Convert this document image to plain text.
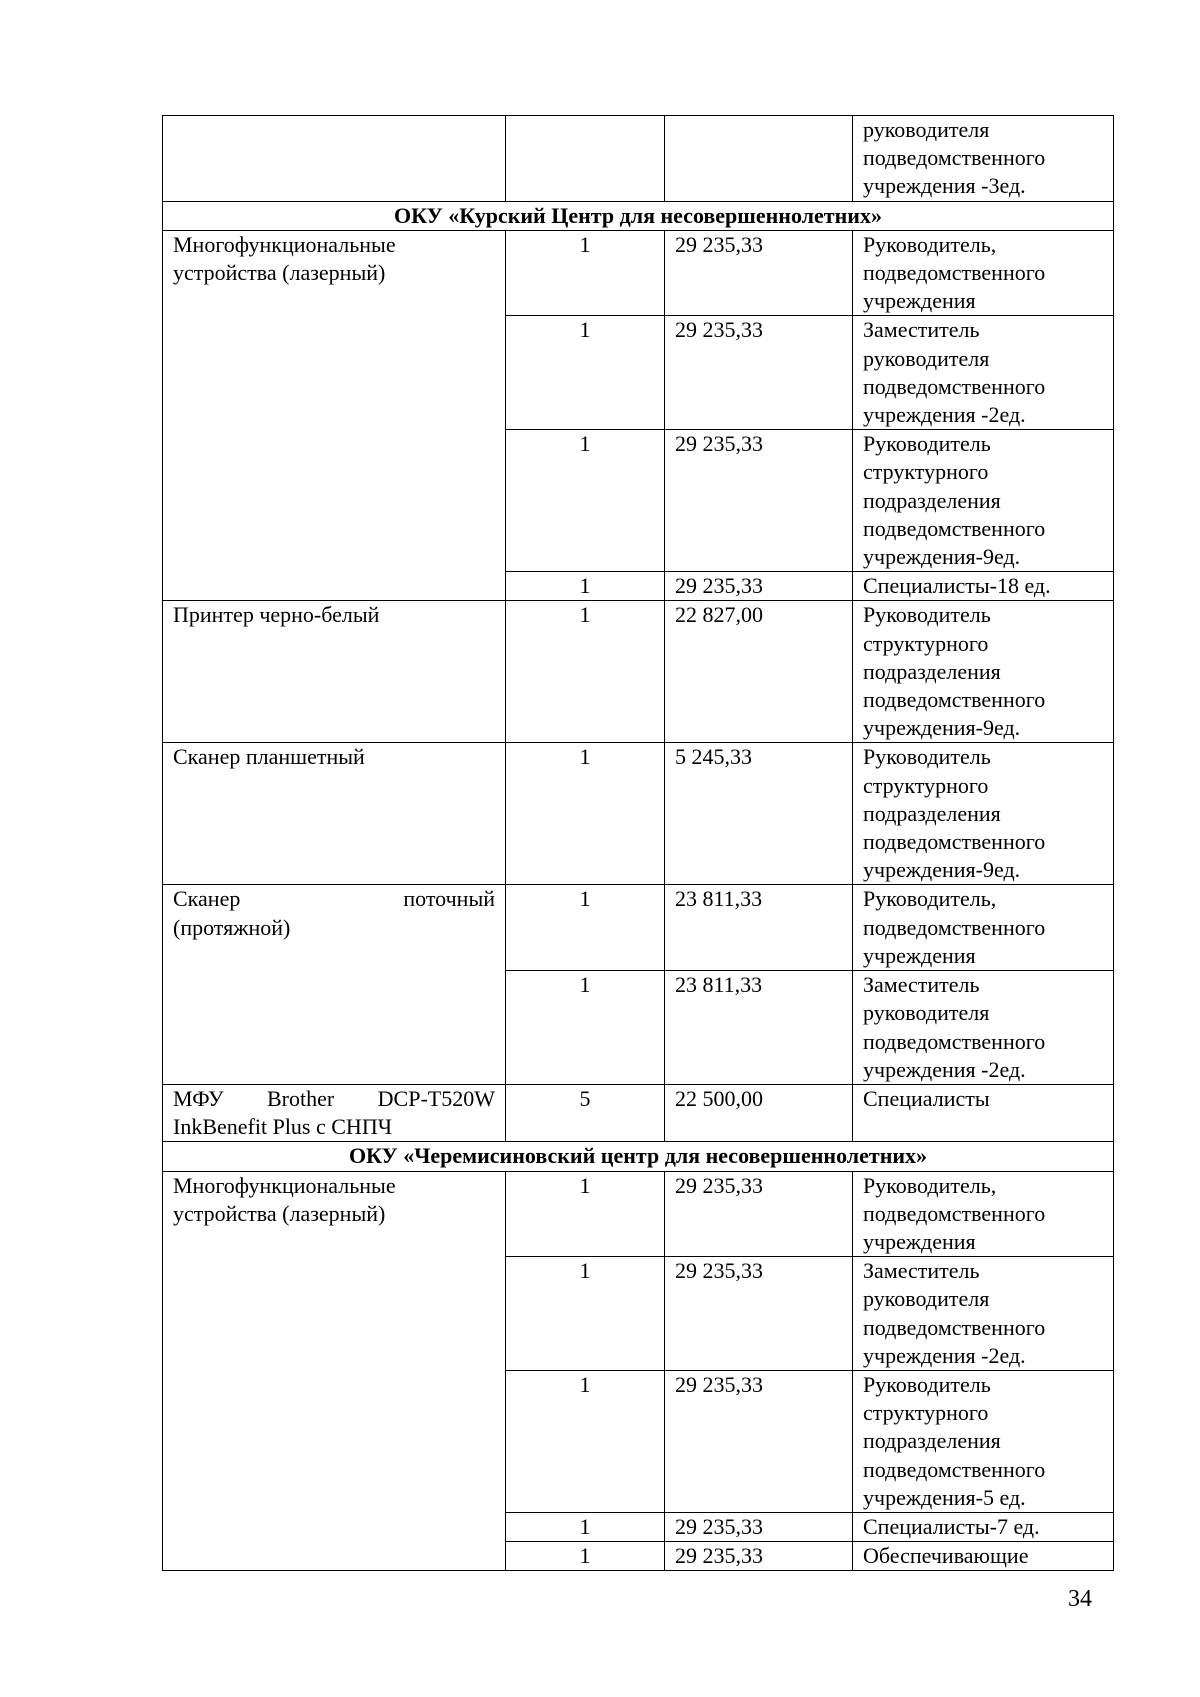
			руководителя
подведомственного
учреждения -3ед.
ОКУ «Курский Центр для несовершеннолетних»			
Многофункциональные
устройства (лазерный)	1	29 235,33	Руководитель,
подведомственного
учреждения
	1	29 235,33	Заместитель
руководителя
подведомственного
учреждения -2ед.
	1	29 235,33	Руководитель
структурного
подразделения
подведомственного
учреждения-9ед.
	1	29 235,33	Специалисты-18 ед.
Принтер черно-белый	1	22 827,00	Руководитель
структурного
подразделения
подведомственного
учреждения-9ед.
Сканер планшетный	1	5 245,33	Руководитель
структурного
подразделения
подведомственного
учреждения-9ед.
Сканер поточный
(протяжной)	1	23 811,33	Руководитель,
подведомственного
учреждения
	1	23 811,33	Заместитель
руководителя
подведомственного
учреждения -2ед.
МФУ Brother DCP-T520W
InkBenefit Plus с СНПЧ	5	22 500,00	Специалисты
ОКУ «Черемисиновский центр для несовершеннолетних»			
Многофункциональные
устройства (лазерный)	1	29 235,33	Руководитель,
подведомственного
учреждения
	1	29 235,33	Заместитель
руководителя
подведомственного
учреждения -2ед.
	1	29 235,33	Руководитель
структурного
подразделения
подведомственного
учреждения-5 ед.
	1	29 235,33	Специалисты-7 ед.
	1	29 235,33	Обеспечивающие
34
